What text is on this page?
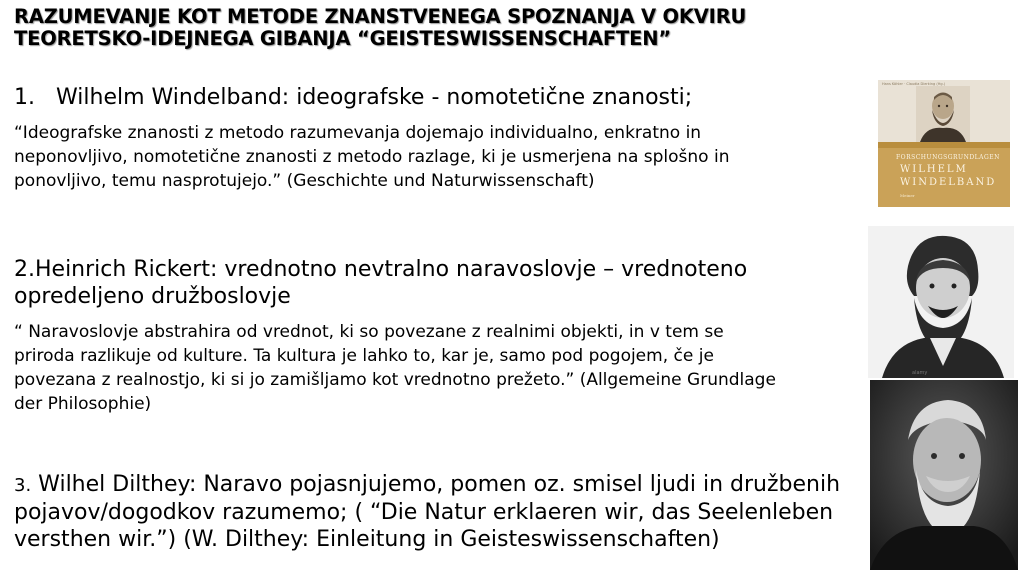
RAZUMEVANJE KOT METODE ZNANSTVENEGA SPOZNANJA V OKVIRU
TEORETSKO-IDEJNEGA GIBANJA “GEISTESWISSENSCHAFTEN”

1. Wilhelm Windelband: ideografske - nomotetične znanosti;

“Ideografske znanosti z metodo razumevanja dojemajo individualno, enkratno in

neponovljivo, nomotetične znanosti z metodo razlage, ki je usmerjena na splošno in

ponovljivo, temu nasprotujejo.” (Geschichte und Naturwissenschaft)

2.Heinrich Rickert: vrednotno nevtralno naravoslovje – vrednoteno

opredeljeno družboslovje

“ Naravoslovje abstrahira od vrednot, ki so povezane z realnimi objekti, in v tem se

priroda razlikuje od kulture. Ta kultura je lahko to, kar je, samo pod pogojem, če je

povezana z realnostjo, ki si jo zamišljamo kot vrednotno prežeto.” (Allgemeine Grundlage

der Philosophie)

3. Wilhel Dilthey: Naravo pojasnjujemo, pomen oz. smisel ljudi in družbenih

pojavov/dogodkov razumemo; ( “Die Natur erklaeren wir, das Seelenleben

versthen wir.”) (W. Dilthey: Einleitung in Geisteswissenschaften)

Hans Köhler · Claudia Dierking (Hg.)
FORSCHUNGSGRUNDLAGEN
WILHELM
WINDELBAND
Meiner
alamy
